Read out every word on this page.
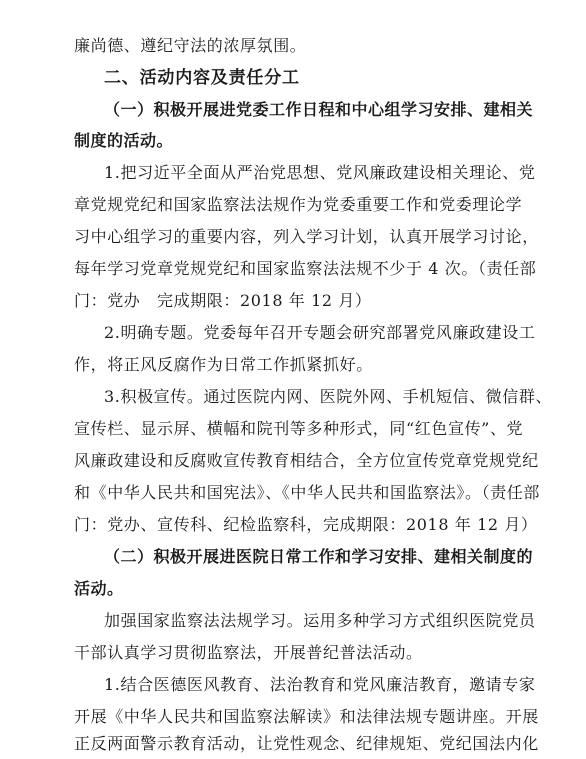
廉尚德、遵纪守法的浓厚氛围。
二、活动内容及责任分工
（一）积极开展进党委工作日程和中心组学习安排、建相关
制度的活动。
1.把习近平全面从严治党思想、党风廉政建设相关理论、党
章党规党纪和国家监察法法规作为党委重要工作和党委理论学
习中心组学习的重要内容，列入学习计划，认真开展学习讨论，
每年学习党章党规党纪和国家监察法法规不少于 4 次。（责任部
门：党办　完成期限：2018 年 12 月）
2.明确专题。党委每年召开专题会研究部署党风廉政建设工
作，将正风反腐作为日常工作抓紧抓好。
3.积极宣传。通过医院内网、医院外网、手机短信、微信群、
宣传栏、显示屏、横幅和院刊等多种形式，同“红色宣传”、党
风廉政建设和反腐败宣传教育相结合，全方位宣传党章党规党纪
和《中华人民共和国宪法》、《中华人民共和国监察法》。（责任部
门：党办、宣传科、纪检监察科，完成期限：2018 年 12 月）
（二）积极开展进医院日常工作和学习安排、建相关制度的
活动。
加强国家监察法法规学习。运用多种学习方式组织医院党员
干部认真学习贯彻监察法，开展普纪普法活动。
1.结合医德医风教育、法治教育和党风廉洁教育，邀请专家
开展《中华人民共和国监察法解读》和法律法规专题讲座。开展
正反两面警示教育活动，让党性观念、纪律规矩、党纪国法内化
